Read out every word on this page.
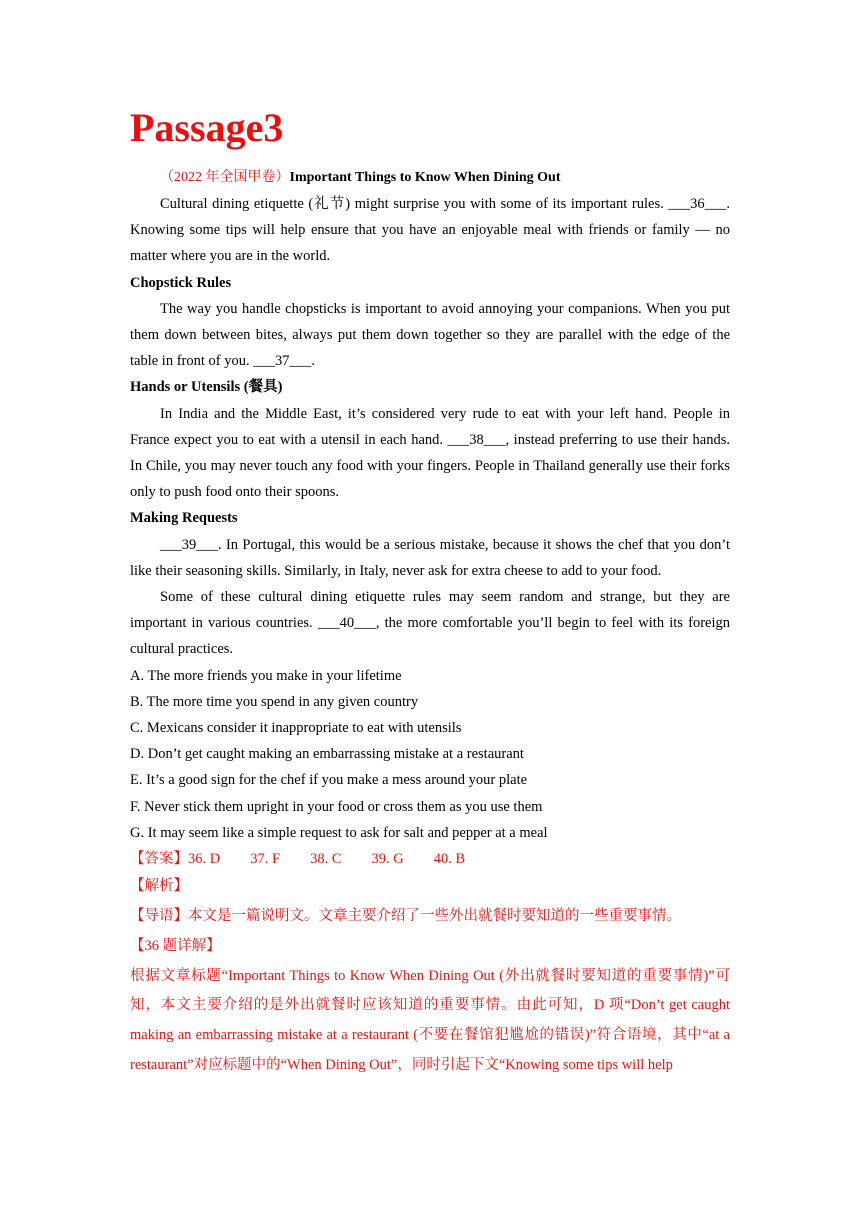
Passage3

（2022 年全国甲卷）Important Things to Know When Dining Out

Cultural dining etiquette (礼节) might surprise you with some of its important rules. ___36___. Knowing some tips will help ensure that you have an enjoyable meal with friends or family — no matter where you are in the world.

Chopstick Rules

The way you handle chopsticks is important to avoid annoying your companions. When you put them down between bites, always put them down together so they are parallel with the edge of the table in front of you. ___37___.

Hands or Utensils (餐具)

In India and the Middle East, it’s considered very rude to eat with your left hand. People in France expect you to eat with a utensil in each hand. ___38___, instead preferring to use their hands. In Chile, you may never touch any food with your fingers. People in Thailand generally use their forks only to push food onto their spoons.

Making Requests

___39___. In Portugal, this would be a serious mistake, because it shows the chef that you don’t like their seasoning skills. Similarly, in Italy, never ask for extra cheese to add to your food.

Some of these cultural dining etiquette rules may seem random and strange, but they are important in various countries. ___40___, the more comfortable you’ll begin to feel with its foreign cultural practices.

A. The more friends you make in your lifetime

B. The more time you spend in any given country

C. Mexicans consider it inappropriate to eat with utensils

D. Don’t get caught making an embarrassing mistake at a restaurant

E. It’s a good sign for the chef if you make a mess around your plate

F. Never stick them upright in your food or cross them as you use them

G. It may seem like a simple request to ask for salt and pepper at a meal

【答案】36. D 37. F 38. C 39. G 40. B

【解析】

【导语】本文是一篇说明文。文章主要介绍了一些外出就餐时要知道的一些重要事情。

【36 题详解】

根据文章标题“Important Things to Know When Dining Out (外出就餐时要知道的重要事情)”可知，本文主要介绍的是外出就餐时应该知道的重要事情。由此可知，D 项“Don’t get caught making an embarrassing mistake at a restaurant (不要在餐馆犯尴尬的错误)”符合语境，其中“at a restaurant”对应标题中的“When Dining Out”，同时引起下文“Knowing some tips will help
